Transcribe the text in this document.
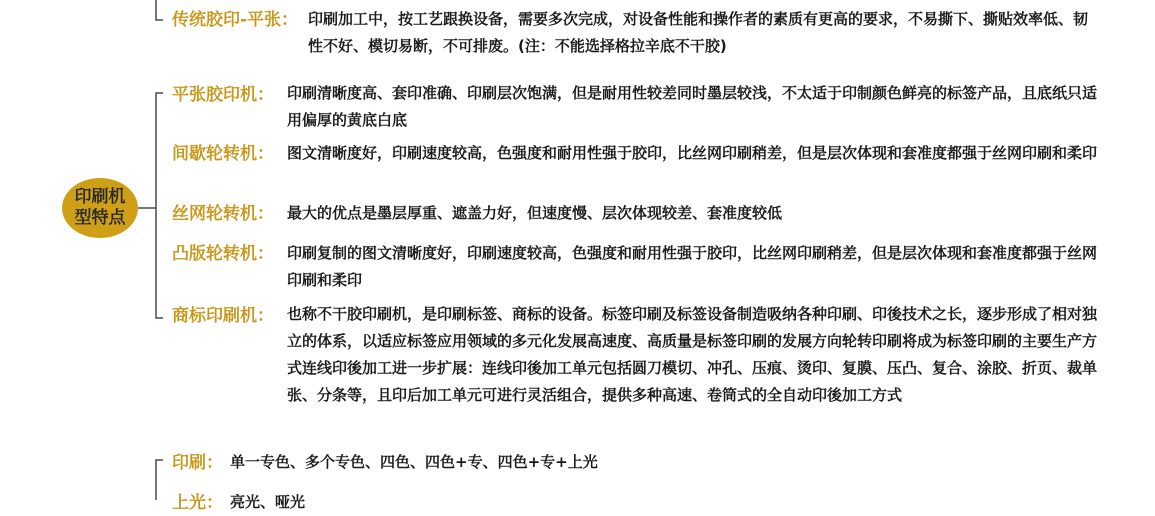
印刷机型特点
传统胶印-平张： 印刷加工中，按工艺跟换设备，需要多次完成，对设备性能和操作者的素质有更高的要求，不易撕下、撕贴效率低、韧性不好、模切易断，不可排废。(注：不能选择格拉辛底不干胶)
平张胶印机： 印刷清晰度高、套印准确、印刷层次饱满，但是耐用性较差同时墨层较浅，不太适于印制颜色鲜亮的标签产品，且底纸只适用偏厚的黄底白底
间歇轮转机： 图文清晰度好，印刷速度较高，色强度和耐用性强于胶印，比丝网印刷稍差，但是层次体现和套准度都强于丝网印刷和柔印
丝网轮转机： 最大的优点是墨层厚重、遮盖力好，但速度慢、层次体现较差、套准度较低
凸版轮转机： 印刷复制的图文清晰度好，印刷速度较高，色强度和耐用性强于胶印，比丝网印刷稍差，但是层次体现和套准度都强于丝网印刷和柔印
商标印刷机： 也称不干胶印刷机，是印刷标签、商标的设备。标签印刷及标签设备制造吸纳各种印刷、印後技术之长，逐步形成了相对独立的体系，以适应标签应用领域的多元化发展高速度、高质量是标签印刷的发展方向轮转印刷将成为标签印刷的主要生产方式连线印後加工进一步扩展：连线印後加工单元包括圆刀模切、冲孔、压痕、烫印、复膜、压凸、复合、涂胶、折页、裁单张、分条等，且印后加工单元可进行灵活组合，提供多种高速、卷筒式的全自动印後加工方式
印刷： 单一专色、多个专色、四色、四色+专、四色+专+上光
上光： 亮光、哑光
